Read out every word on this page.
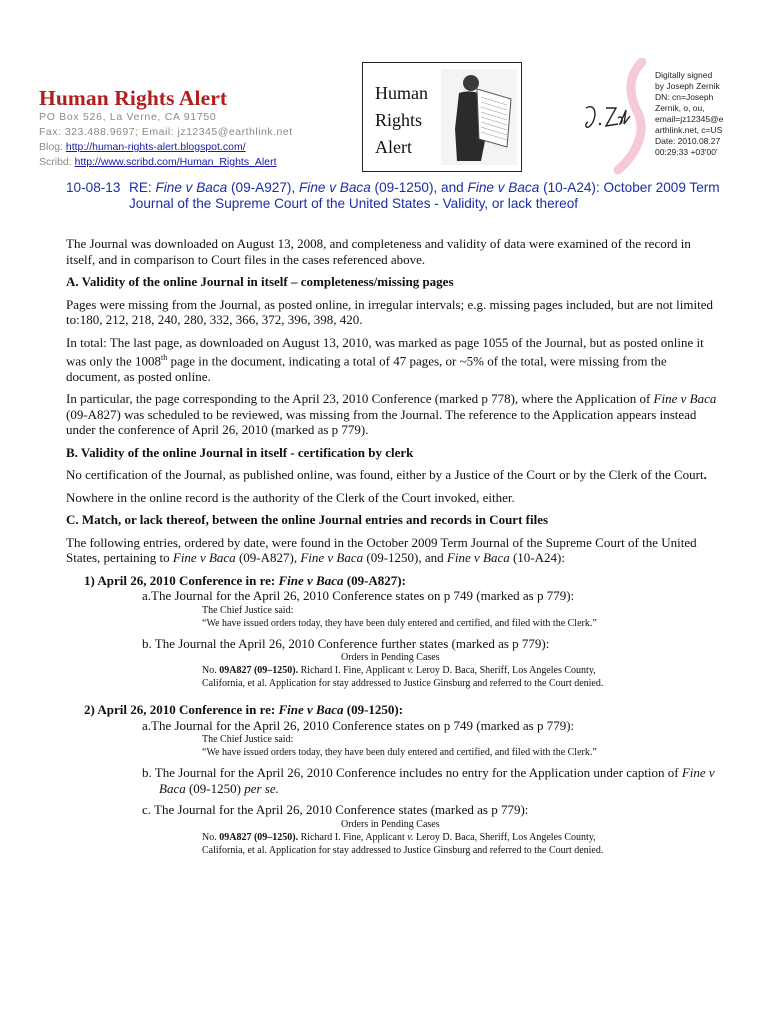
Human Rights Alert
PO Box 526, La Verne, CA 91750
Fax: 323.488.9697; Email: jz12345@earthlink.net
Blog: http://human-rights-alert.blogspot.com/
Scribd: http://www.scribd.com/Human_Rights_Alert
Human
Rights
Alert
Digitally signed
by Joseph Zernik
DN: cn=Joseph
Zernik, o, ou,
email=jz12345@e
arthlink.net, c=US
Date: 2010.08.27
00:29:33 +03'00'
10-08-13 RE: Fine v Baca (09-A927), Fine v Baca (09-1250), and Fine v Baca (10-A24): October 2009 Term Journal of the Supreme Court of the United States - Validity, or lack thereof

The Journal was downloaded on August 13, 2008, and completeness and validity of data were examined of the record in itself, and in comparison to Court files in the cases referenced above.

A. Validity of the online Journal in itself – completeness/missing pages

Pages were missing from the Journal, as posted online, in irregular intervals; e.g. missing pages included, but are not limited to:180, 212, 218, 240, 280, 332, 366, 372, 396, 398, 420.

In total: The last page, as downloaded on August 13, 2010, was marked as page 1055 of the Journal, but as posted online it was only the 1008th page in the document, indicating a total of 47 pages, or ~5% of the total, were missing from the document, as posted online.

In particular, the page corresponding to the April 23, 2010 Conference (marked p 778), where the Application of Fine v Baca (09-A827) was scheduled to be reviewed, was missing from the Journal. The reference to the Application appears instead under the conference of April 26, 2010 (marked as p 779).

B. Validity of the online Journal in itself - certification by clerk

No certification of the Journal, as published online, was found, either by a Justice of the Court or by the Clerk of the Court.

Nowhere in the online record is the authority of the Clerk of the Court invoked, either.

C. Match, or lack thereof, between the online Journal entries and records in Court files

The following entries, ordered by date, were found in the October 2009 Term Journal of the Supreme Court of the United States, pertaining to Fine v Baca (09-A827), Fine v Baca (09-1250), and Fine v Baca (10-A24):

1) April 26, 2010 Conference in re: Fine v Baca (09-A827):
a.The Journal for the April 26, 2010 Conference states on p 749 (marked as p 779):
The Chief Justice said:
“We have issued orders today, they have been duly entered and certified, and filed with the Clerk.”
b. The Journal the April 26, 2010 Conference further states (marked as p 779):
Orders in Pending Cases
No. 09A827 (09–1250). Richard I. Fine, Applicant v. Leroy D. Baca, Sheriff, Los Angeles County,
California, et al. Application for stay addressed to Justice Ginsburg and referred to the Court denied.
2) April 26, 2010 Conference in re: Fine v Baca (09-1250):
a.The Journal for the April 26, 2010 Conference states on p 749 (marked as p 779):
The Chief Justice said:
“We have issued orders today, they have been duly entered and certified, and filed with the Clerk.”
b. The Journal for the April 26, 2010 Conference includes no entry for the Application under caption of Fine v Baca (09-1250) per se.
c. The Journal for the April 26, 2010 Conference states (marked as p 779):
Orders in Pending Cases
No. 09A827 (09–1250). Richard I. Fine, Applicant v. Leroy D. Baca, Sheriff, Los Angeles County,
California, et al. Application for stay addressed to Justice Ginsburg and referred to the Court denied.
